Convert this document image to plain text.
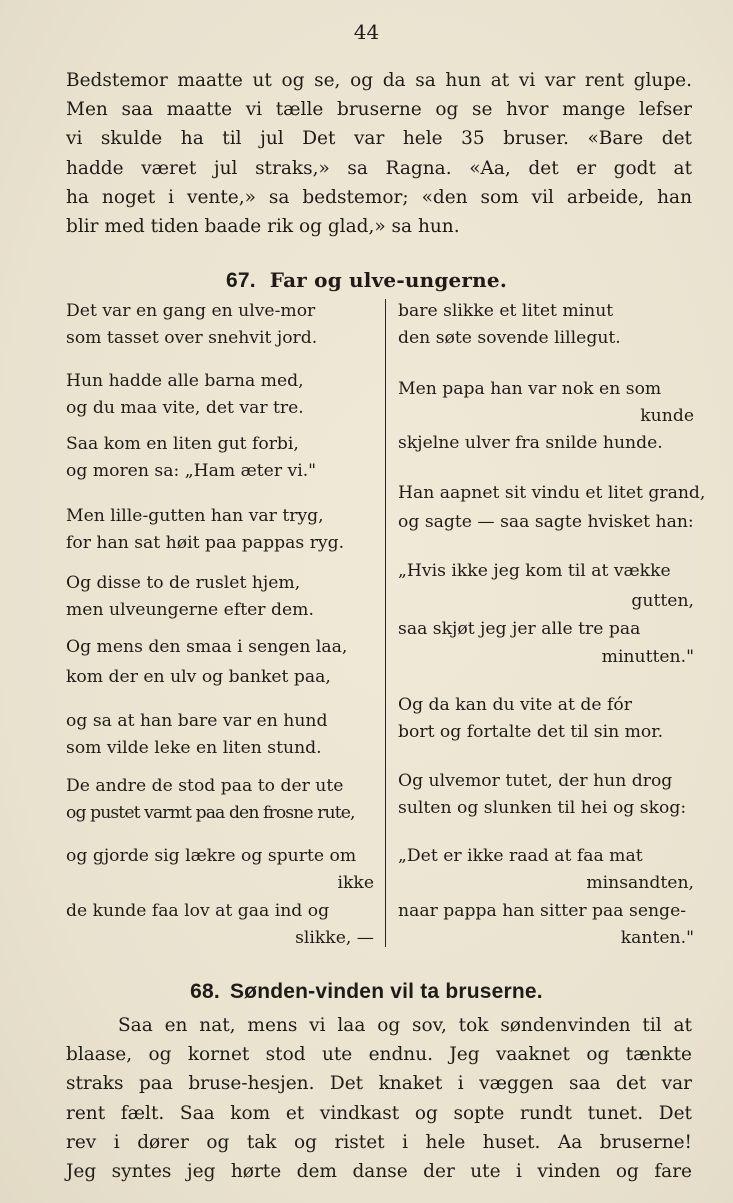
44
Bedstemor maatte ut og se, og da sa hun at vi var rent glupe.
Men saa maatte vi tælle bruserne og se hvor mange lefser
vi skulde ha til jul Det var hele 35 bruser. «Bare det
hadde været jul straks,» sa Ragna. «Aa, det er godt at
ha noget i vente,» sa bedstemor; «den som vil arbeide, han
blir med tiden baade rik og glad,» sa hun.
67. Far og ulve-ungerne.
Det var en gang en ulve-mor
som tasset over snehvit jord.
Hun hadde alle barna med,
og du maa vite, det var tre.
Saa kom en liten gut forbi,
og moren sa: „Ham æter vi."
Men lille-gutten han var tryg,
for han sat høit paa pappas ryg.
Og disse to de ruslet hjem,
men ulveungerne efter dem.
Og mens den smaa i sengen laa,
kom der en ulv og banket paa,
og sa at han bare var en hund
som vilde leke en liten stund.
De andre de stod paa to der ute
og pustet varmt paa den frosne rute,
og gjorde sig lækre og spurte om
ikke
de kunde faa lov at gaa ind og
slikke, —
bare slikke et litet minut
den søte sovende lillegut.
Men papa han var nok en som
kunde
skjelne ulver fra snilde hunde.
Han aapnet sit vindu et litet grand,
og sagte — saa sagte hvisket han:
„Hvis ikke jeg kom til at vække
gutten,
saa skjøt jeg jer alle tre paa
minutten."
Og da kan du vite at de fór
bort og fortalte det til sin mor.
Og ulvemor tutet, der hun drog
sulten og slunken til hei og skog:
„Det er ikke raad at faa mat
minsandten,
naar pappa han sitter paa senge-
kanten."
68. Sønden-vinden vil ta bruserne.
Saa en nat, mens vi laa og sov, tok søndenvinden til at
blaase, og kornet stod ute endnu. Jeg vaaknet og tænkte
straks paa bruse-hesjen. Det knaket i væggen saa det var
rent fælt. Saa kom et vindkast og sopte rundt tunet. Det
rev i dører og tak og ristet i hele huset. Aa bruserne!
Jeg syntes jeg hørte dem danse der ute i vinden og fare
